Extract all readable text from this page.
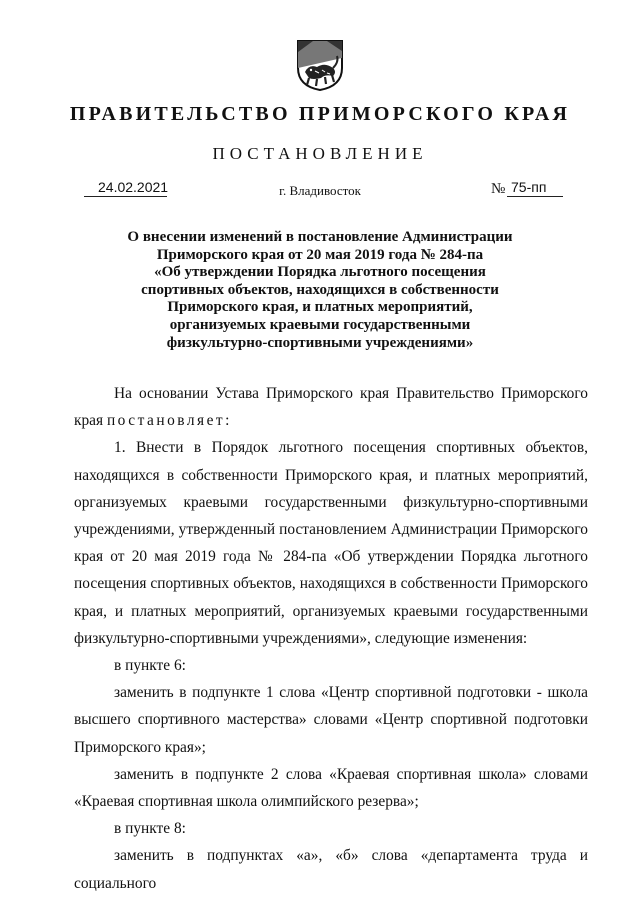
ПРАВИТЕЛЬСТВО ПРИМОРСКОГО КРАЯ
ПОСТАНОВЛЕНИЕ
24.02.2021	г. Владивосток	№ 75-пп
О внесении изменений в постановление Администрации
Приморского края от 20 мая 2019 года № 284-па
«Об утверждении Порядка льготного посещения
спортивных объектов, находящихся в собственности
Приморского края, и платных мероприятий,
организуемых краевыми государственными
физкультурно-спортивными учреждениями»

На основании Устава Приморского края Правительство Приморского края постановляет:

1. Внести в Порядок льготного посещения спортивных объектов, находящихся в собственности Приморского края, и платных мероприятий, организуемых краевыми государственными физкультурно-спортивными учреждениями, утвержденный постановлением Администрации Приморского края от 20 мая 2019 года № 284-па «Об утверждении Порядка льготного посещения спортивных объектов, находящихся в собственности Приморского края, и платных мероприятий, организуемых краевыми государственными физкультурно-спортивными учреждениями», следующие изменения:

в пункте 6:

заменить в подпункте 1 слова «Центр спортивной подготовки - школа высшего спортивного мастерства» словами «Центр спортивной подготовки Приморского края»;

заменить в подпункте 2 слова «Краевая спортивная школа» словами «Краевая спортивная школа олимпийского резерва»;

в пункте 8:

заменить в подпунктах «а», «б» слова «департамента труда и социального
